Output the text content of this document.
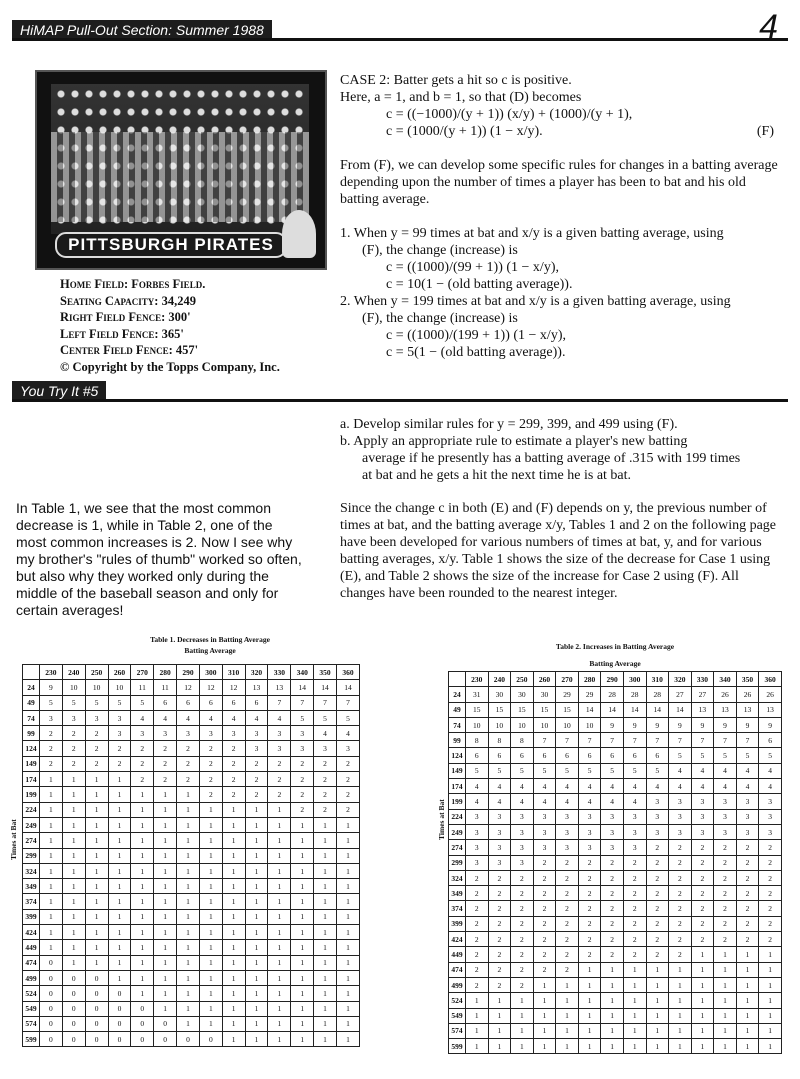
HiMAP Pull-Out Section: Summer 1988	4
PITTSBURGH PIRATES
Home Field: Forbes Field.
Seating Capacity: 34,249
Right Field Fence: 300'
Left Field Fence: 365'
Center Field Fence: 457'
© Copyright by the Topps Company, Inc.

CASE 2: Batter gets a hit so c is positive.

Here, a = 1, and b = 1, so that (D) becomes

c = ((−1000)/(y + 1)) (x/y) + (1000)/(y + 1),

c = (1000/(y + 1)) (1 − x/y).	(F)

From (F), we can develop some specific rules for changes in a batting average depending upon the number of times a player has been to bat and his old batting average.

1. When y = 99 times at bat and x/y is a given batting average, using

(F), the change (increase) is

c = ((1000)/(99 + 1)) (1 − x/y),

c = 10(1 − (old batting average)).

2. When y = 199 times at bat and x/y is a given batting average, using

(F), the change (increase) is

c = ((1000)/(199 + 1)) (1 − x/y),

c = 5(1 − (old batting average)).

You Try It #5

a. Develop similar rules for y = 299, 399, and 499 using (F).

b. Apply an appropriate rule to estimate a player's new batting

average if he presently has a batting average of .315 with 199 times

at bat and he gets a hit the next time he is at bat.

In Table 1, we see that the most common decrease is 1, while in Table 2, one of the most common increases is 2. Now I see why my brother's "rules of thumb" worked so often, but also why they worked only during the middle of the baseball season and only for certain averages!
Since the change c in both (E) and (F) depends on y, the previous number of times at bat, and the batting average x/y, Tables 1 and 2 on the following page have been developed for various numbers of times at bat, y, and for various batting averages, x/y. Table 1 shows the size of the decrease for Case 1 using (E), and Table 2 shows the size of the increase for Case 2 using (F). All changes have been rounded to the nearest integer.
Table 1. Decreases in Batting Average
Batting Average
Times at Bat
	230	240	250	260	270	280	290	300	310	320	330	340	350	360
24	9	10	10	10	11	11	12	12	12	13	13	14	14	14
49	5	5	5	5	5	6	6	6	6	6	7	7	7	7
74	3	3	3	3	4	4	4	4	4	4	4	5	5	5
99	2	2	2	3	3	3	3	3	3	3	3	3	4	4
124	2	2	2	2	2	2	2	2	2	3	3	3	3	3
149	2	2	2	2	2	2	2	2	2	2	2	2	2	2
174	1	1	1	1	2	2	2	2	2	2	2	2	2	2
199	1	1	1	1	1	1	1	2	2	2	2	2	2	2
224	1	1	1	1	1	1	1	1	1	1	1	2	2	2
249	1	1	1	1	1	1	1	1	1	1	1	1	1	1
274	1	1	1	1	1	1	1	1	1	1	1	1	1	1
299	1	1	1	1	1	1	1	1	1	1	1	1	1	1
324	1	1	1	1	1	1	1	1	1	1	1	1	1	1
349	1	1	1	1	1	1	1	1	1	1	1	1	1	1
374	1	1	1	1	1	1	1	1	1	1	1	1	1	1
399	1	1	1	1	1	1	1	1	1	1	1	1	1	1
424	1	1	1	1	1	1	1	1	1	1	1	1	1	1
449	1	1	1	1	1	1	1	1	1	1	1	1	1	1
474	0	1	1	1	1	1	1	1	1	1	1	1	1	1
499	0	0	0	1	1	1	1	1	1	1	1	1	1	1
524	0	0	0	0	1	1	1	1	1	1	1	1	1	1
549	0	0	0	0	0	1	1	1	1	1	1	1	1	1
574	0	0	0	0	0	0	1	1	1	1	1	1	1	1
599	0	0	0	0	0	0	0	0	1	1	1	1	1	1
Table 2. Increases in Batting Average
Batting Average
Times at Bat
	230	240	250	260	270	280	290	300	310	320	330	340	350	360
24	31	30	30	30	29	29	28	28	28	27	27	26	26	26
49	15	15	15	15	15	14	14	14	14	14	13	13	13	13
74	10	10	10	10	10	10	9	9	9	9	9	9	9	9
99	8	8	8	7	7	7	7	7	7	7	7	7	7	6
124	6	6	6	6	6	6	6	6	6	5	5	5	5	5
149	5	5	5	5	5	5	5	5	5	4	4	4	4	4
174	4	4	4	4	4	4	4	4	4	4	4	4	4	4
199	4	4	4	4	4	4	4	4	3	3	3	3	3	3
224	3	3	3	3	3	3	3	3	3	3	3	3	3	3
249	3	3	3	3	3	3	3	3	3	3	3	3	3	3
274	3	3	3	3	3	3	3	3	2	2	2	2	2	2
299	3	3	3	2	2	2	2	2	2	2	2	2	2	2
324	2	2	2	2	2	2	2	2	2	2	2	2	2	2
349	2	2	2	2	2	2	2	2	2	2	2	2	2	2
374	2	2	2	2	2	2	2	2	2	2	2	2	2	2
399	2	2	2	2	2	2	2	2	2	2	2	2	2	2
424	2	2	2	2	2	2	2	2	2	2	2	2	2	2
449	2	2	2	2	2	2	2	2	2	2	1	1	1	1
474	2	2	2	2	2	1	1	1	1	1	1	1	1	1
499	2	2	2	1	1	1	1	1	1	1	1	1	1	1
524	1	1	1	1	1	1	1	1	1	1	1	1	1	1
549	1	1	1	1	1	1	1	1	1	1	1	1	1	1
574	1	1	1	1	1	1	1	1	1	1	1	1	1	1
599	1	1	1	1	1	1	1	1	1	1	1	1	1	1
